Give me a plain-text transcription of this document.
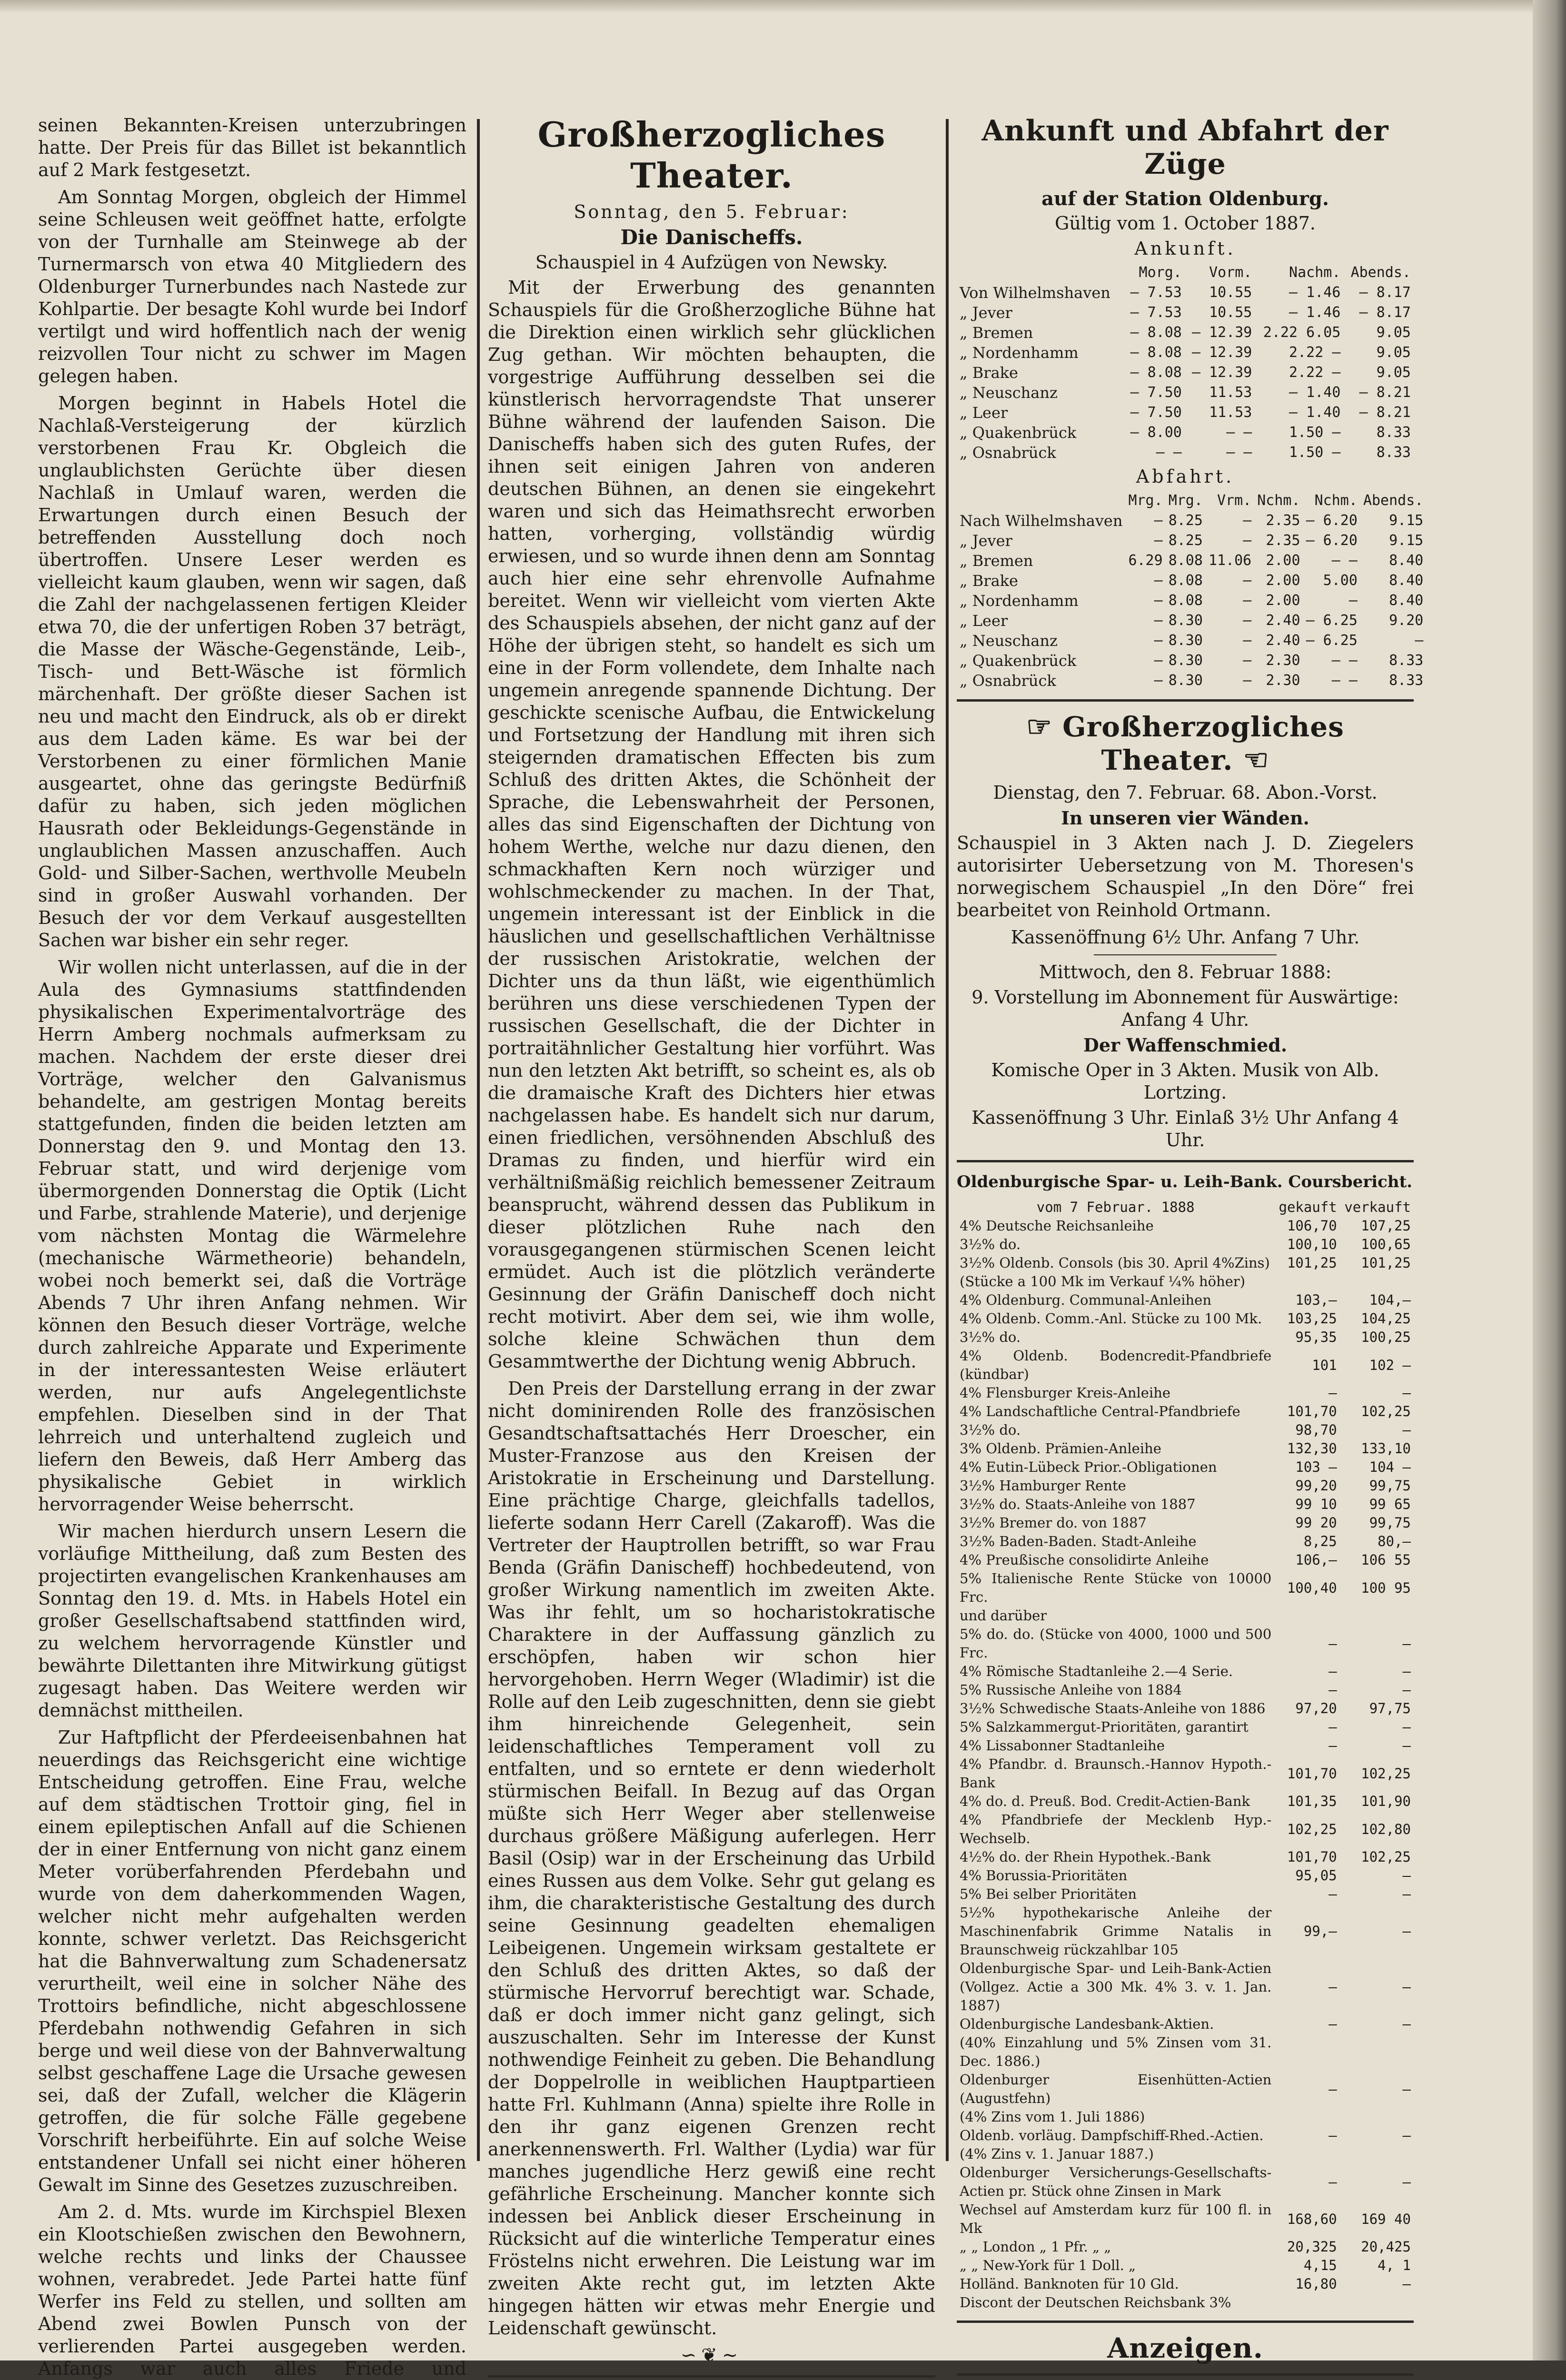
seinen Bekannten-Kreisen unterzubringen hatte. Der Preis für das Billet ist bekanntlich auf 2 Mark festgesetzt.

Am Sonntag Morgen, obgleich der Himmel seine Schleusen weit geöffnet hatte, erfolgte von der Turnhalle am Steinwege ab der Turnermarsch von etwa 40 Mitgliedern des Oldenburger Turnerbundes nach Nastede zur Kohlpartie. Der besagte Kohl wurde bei Indorf vertilgt und wird hoffentlich nach der wenig reizvollen Tour nicht zu schwer im Magen gelegen haben.

Morgen beginnt in Habels Hotel die Nachlaß-Versteigerung der kürzlich verstorbenen Frau Kr. Obgleich die unglaublichsten Gerüchte über diesen Nachlaß in Umlauf waren, werden die Erwartungen durch einen Besuch der betreffenden Ausstellung doch noch übertroffen. Unsere Leser werden es vielleicht kaum glauben, wenn wir sagen, daß die Zahl der nachgelassenen fertigen Kleider etwa 70, die der unfertigen Roben 37 beträgt, die Masse der Wäsche-Gegenstände, Leib-, Tisch- und Bett-Wäsche ist förmlich märchenhaft. Der größte dieser Sachen ist neu und macht den Eindruck, als ob er direkt aus dem Laden käme. Es war bei der Verstorbenen zu einer förmlichen Manie ausgeartet, ohne das geringste Bedürfniß dafür zu haben, sich jeden möglichen Hausrath oder Bekleidungs-Gegenstände in unglaublichen Massen anzuschaffen. Auch Gold- und Silber-Sachen, werthvolle Meubeln sind in großer Auswahl vorhanden. Der Besuch der vor dem Verkauf ausgestellten Sachen war bisher ein sehr reger.

Wir wollen nicht unterlassen, auf die in der Aula des Gymnasiums stattfindenden physikalischen Experimentalvorträge des Herrn Amberg nochmals aufmerksam zu machen. Nachdem der erste dieser drei Vorträge, welcher den Galvanismus behandelte, am gestrigen Montag bereits stattgefunden, finden die beiden letzten am Donnerstag den 9. und Montag den 13. Februar statt, und wird derjenige vom übermorgenden Donnerstag die Optik (Licht und Farbe, strahlende Materie), und derjenige vom nächsten Montag die Wärmelehre (mechanische Wärmetheorie) behandeln, wobei noch bemerkt sei, daß die Vorträge Abends 7 Uhr ihren Anfang nehmen. Wir können den Besuch dieser Vorträge, welche durch zahlreiche Apparate und Experimente in der interessantesten Weise erläutert werden, nur aufs Angelegentlichste empfehlen. Dieselben sind in der That lehrreich und unterhaltend zugleich und liefern den Beweis, daß Herr Amberg das physikalische Gebiet in wirklich hervorragender Weise beherrscht.

Wir machen hierdurch unsern Lesern die vorläufige Mittheilung, daß zum Besten des projectirten evangelischen Krankenhauses am Sonntag den 19. d. Mts. in Habels Hotel ein großer Gesellschaftsabend stattfinden wird, zu welchem hervorragende Künstler und bewährte Dilettanten ihre Mitwirkung gütigst zugesagt haben. Das Weitere werden wir demnächst mittheilen.

Zur Haftpflicht der Pferdeeisenbahnen hat neuerdings das Reichsgericht eine wichtige Entscheidung getroffen. Eine Frau, welche auf dem städtischen Trottoir ging, fiel in einem epileptischen Anfall auf die Schienen der in einer Entfernung von nicht ganz einem Meter vorüberfahrenden Pferdebahn und wurde von dem daherkommenden Wagen, welcher nicht mehr aufgehalten werden konnte, schwer verletzt. Das Reichsgericht hat die Bahnverwaltung zum Schadenersatz verurtheilt, weil eine in solcher Nähe des Trottoirs befindliche, nicht abgeschlossene Pferdebahn nothwendig Gefahren in sich berge und weil diese von der Bahnverwaltung selbst geschaffene Lage die Ursache gewesen sei, daß der Zufall, welcher die Klägerin getroffen, die für solche Fälle gegebene Vorschrift herbeiführte. Ein auf solche Weise entstandener Unfall sei nicht einer höheren Gewalt im Sinne des Gesetzes zuzuschreiben.

Am 2. d. Mts. wurde im Kirchspiel Blexen ein Klootschießen zwischen den Bewohnern, welche rechts und links der Chaussee wohnen, verabredet. Jede Partei hatte fünf Werfer ins Feld zu stellen, und sollten am Abend zwei Bowlen Punsch von der verlierenden Partei ausgegeben werden. Anfangs war auch alles Friede und

Großherzogliches Theater.

Sonntag, den 5. Februar:

Die Danischeffs.

Schauspiel in 4 Aufzügen von Newsky.

Mit der Erwerbung des genannten Schauspiels für die Großherzogliche Bühne hat die Direktion einen wirklich sehr glücklichen Zug gethan. Wir möchten behaupten, die vorgestrige Aufführung desselben sei die künstlerisch hervorragendste That unserer Bühne während der laufenden Saison. Die Danischeffs haben sich des guten Rufes, der ihnen seit einigen Jahren von anderen deutschen Bühnen, an denen sie eingekehrt waren und sich das Heimathsrecht erworben hatten, vorherging, vollständig würdig erwiesen, und so wurde ihnen denn am Sonntag auch hier eine sehr ehrenvolle Aufnahme bereitet. Wenn wir vielleicht vom vierten Akte des Schauspiels absehen, der nicht ganz auf der Höhe der übrigen steht, so handelt es sich um eine in der Form vollendete, dem Inhalte nach ungemein anregende spannende Dichtung. Der geschickte scenische Aufbau, die Entwickelung und Fortsetzung der Handlung mit ihren sich steigernden dramatischen Effecten bis zum Schluß des dritten Aktes, die Schönheit der Sprache, die Lebenswahrheit der Personen, alles das sind Eigenschaften der Dichtung von hohem Werthe, welche nur dazu dienen, den schmackhaften Kern noch würziger und wohlschmeckender zu machen. In der That, ungemein interessant ist der Einblick in die häuslichen und gesellschaftlichen Verhältnisse der russischen Aristokratie, welchen der Dichter uns da thun läßt, wie eigenthümlich berühren uns diese verschiedenen Typen der russischen Gesellschaft, die der Dichter in portraitähnlicher Gestaltung hier vorführt. Was nun den letzten Akt betrifft, so scheint es, als ob die dramaische Kraft des Dichters hier etwas nachgelassen habe. Es handelt sich nur darum, einen friedlichen, versöhnenden Abschluß des Dramas zu finden, und hierfür wird ein verhältnißmäßig reichlich bemessener Zeitraum beansprucht, während dessen das Publikum in dieser plötzlichen Ruhe nach den vorausgegangenen stürmischen Scenen leicht ermüdet. Auch ist die plötzlich veränderte Gesinnung der Gräfin Danischeff doch nicht recht motivirt. Aber dem sei, wie ihm wolle, solche kleine Schwächen thun dem Gesammtwerthe der Dichtung wenig Abbruch.

Den Preis der Darstellung errang in der zwar nicht dominirenden Rolle des französischen Gesandtschaftsattachés Herr Droescher, ein Muster-Franzose aus den Kreisen der Aristokratie in Erscheinung und Darstellung. Eine prächtige Charge, gleichfalls tadellos, lieferte sodann Herr Carell (Zakaroff). Was die Vertreter der Hauptrollen betrifft, so war Frau Benda (Gräfin Danischeff) hochbedeutend, von großer Wirkung namentlich im zweiten Akte. Was ihr fehlt, um so hocharistokratische Charaktere in der Auffassung gänzlich zu erschöpfen, haben wir schon hier hervorgehoben. Herrn Weger (Wladimir) ist die Rolle auf den Leib zugeschnitten, denn sie giebt ihm hinreichende Gelegenheit, sein leidenschaftliches Temperament voll zu entfalten, und so erntete er denn wiederholt stürmischen Beifall. In Bezug auf das Organ müßte sich Herr Weger aber stellenweise durchaus größere Mäßigung auferlegen. Herr Basil (Osip) war in der Erscheinung das Urbild eines Russen aus dem Volke. Sehr gut gelang es ihm, die charakteristische Gestaltung des durch seine Gesinnung geadelten ehemaligen Leibeigenen. Ungemein wirksam gestaltete er den Schluß des dritten Aktes, so daß der stürmische Hervorruf berechtigt war. Schade, daß er doch immer nicht ganz gelingt, sich auszuschalten. Sehr im Interesse der Kunst nothwendige Feinheit zu geben. Die Behandlung der Doppelrolle in weiblichen Hauptpartieen hatte Frl. Kuhlmann (Anna) spielte ihre Rolle in den ihr ganz eigenen Grenzen recht anerkennenswerth. Frl. Walther (Lydia) war für manches jugendliche Herz gewiß eine recht gefährliche Erscheinung. Mancher konnte sich indessen bei Anblick dieser Erscheinung in Rücksicht auf die winterliche Temperatur eines Fröstelns nicht erwehren. Die Leistung war im zweiten Akte recht gut, im letzten Akte hingegen hätten wir etwas mehr Energie und Leidenschaft gewünscht.

∽❦∼

Ankunft und Abfahrt der Züge
auf der Station Oldenburg.

Gültig vom 1. October 1887.

Ankunft.

	Morg.	Vorm.	Nachm.	Abends.
Von Wilhelmshaven	— 7.53	10.55	— 1.46	— 8.17
„ Jever	— 7.53	10.55	— 1.46	— 8.17
„ Bremen	— 8.08	— 12.39	2.22 6.05	9.05
„ Nordenhamm	— 8.08	— 12.39	2.22 —	9.05
„ Brake	— 8.08	— 12.39	2.22 —	9.05
„ Neuschanz	— 7.50	11.53	— 1.40	— 8.21
„ Leer	— 7.50	11.53	— 1.40	— 8.21
„ Quakenbrück	— 8.00	— —	1.50 —	8.33
„ Osnabrück	— —	— —	1.50 —	8.33

Abfahrt.

	Mrg.	Mrg.	Vrm.	Nchm.	Nchm.	Abends.
Nach Wilhelmshaven	—	8.25	—	2.35	— 6.20	9.15
„ Jever	—	8.25	—	2.35	— 6.20	9.15
„ Bremen	6.29	8.08	11.06	2.00	— —	8.40
„ Brake	—	8.08	—	2.00	5.00	8.40
„ Nordenhamm	—	8.08	—	2.00	—	8.40
„ Leer	—	8.30	—	2.40	— 6.25	9.20
„ Neuschanz	—	8.30	—	2.40	— 6.25	—
„ Quakenbrück	—	8.30	—	2.30	— —	8.33
„ Osnabrück	—	8.30	—	2.30	— —	8.33
☞ Großherzogliches Theater. ☜

Dienstag, den 7. Februar. 68. Abon.-Vorst.

In unseren vier Wänden.

Schauspiel in 3 Akten nach J. D. Ziegelers autorisirter Uebersetzung von M. Thoresen's norwegischem Schauspiel „In den Döre“ frei bearbeitet von Reinhold Ortmann.

Kassenöffnung 6½ Uhr. Anfang 7 Uhr.

Mittwoch, den 8. Februar 1888:

9. Vorstellung im Abonnement für Auswärtige: Anfang 4 Uhr.

Der Waffenschmied.

Komische Oper in 3 Akten. Musik von Alb. Lortzing.

Kassenöffnung 3 Uhr. Einlaß 3½ Uhr Anfang 4 Uhr.

Oldenburgische Spar- u. Leih-Bank. Coursbericht.

vom 7 Februar. 1888	gekauft	verkauft
4% Deutsche Reichsanleihe	106,70	107,25
3½% do.	100,10	100,65
3½% Oldenb. Consols (bis 30. April 4%Zins)	101,25	101,25
(Stücke a 100 Mk im Verkauf ¼% höher)		
4% Oldenburg. Communal-Anleihen	103,—	104,—
4% Oldenb. Comm.-Anl. Stücke zu 100 Mk.	103,25	104,25
3½% do.	95,35	100,25
4% Oldenb. Bodencredit-Pfandbriefe (kündbar)	101	102 —
4% Flensburger Kreis-Anleihe	—	—
4% Landschaftliche Central-Pfandbriefe	101,70	102,25
3½% do.	98,70	—
3% Oldenb. Prämien-Anleihe	132,30	133,10
4% Eutin-Lübeck Prior.-Obligationen	103 —	104 —
3½% Hamburger Rente	99,20	99,75
3½% do. Staats-Anleihe von 1887	99 10	99 65
3½% Bremer do. von 1887	99 20	99,75
3½% Baden-Baden. Stadt-Anleihe	8,25	80,—
4% Preußische consolidirte Anleihe	106,—	106 55
5% Italienische Rente Stücke von 10000 Frc.	100,40	100 95
und darüber		
5% do. do. (Stücke von 4000, 1000 und 500 Frc.	—	—
4% Römische Stadtanleihe 2.—4 Serie.	—	—
5% Russische Anleihe von 1884	—	—
3½% Schwedische Staats-Anleihe von 1886	97,20	97,75
5% Salzkammergut-Prioritäten, garantirt	—	—
4% Lissabonner Stadtanleihe	—	—
4% Pfandbr. d. Braunsch.-Hannov Hypoth.-Bank	101,70	102,25
4% do. d. Preuß. Bod. Credit-Actien-Bank	101,35	101,90
4% Pfandbriefe der Mecklenb Hyp.-Wechselb.	102,25	102,80
4½% do. der Rhein Hypothek.-Bank	101,70	102,25
4% Borussia-Prioritäten	95,05	—
5% Bei selber Prioritäten	—	—
5½% hypothekarische Anleihe der Maschinenfabrik Grimme Natalis in Braunschweig rückzahlbar 105	99,—	—
Oldenburgische Spar- und Leih-Bank-Actien (Vollgez. Actie a 300 Mk. 4% 3. v. 1. Jan. 1887)	—	—
Oldenburgische Landesbank-Aktien.	—	—
(40% Einzahlung und 5% Zinsen vom 31. Dec. 1886.)		
Oldenburger Eisenhütten-Actien (Augustfehn)	—	—
(4% Zins vom 1. Juli 1886)		
Oldenb. vorläug. Dampfschiff-Rhed.-Actien.	—	—
(4% Zins v. 1. Januar 1887.)		
Oldenburger Versicherungs-Gesellschafts-Actien pr. Stück ohne Zinsen in Mark	—	—
Wechsel auf Amsterdam kurz für 100 fl. in Mk	168,60	169 40
„ „ London „ 1 Pfr. „ „	20,325	20,425
„ „ New-York für 1 Doll. „	4,15	4, 1
Holländ. Banknoten für 10 Gld.	16,80	—
Discont der Deutschen Reichsbank 3%		
Anzeigen.
